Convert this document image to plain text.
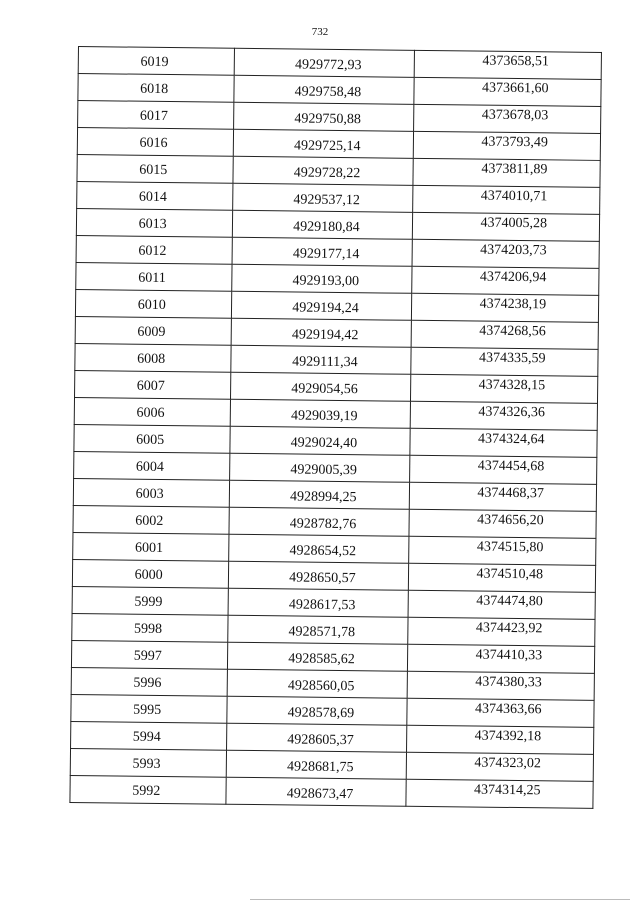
732
6019	4929772,93	4373658,51
6018	4929758,48	4373661,60
6017	4929750,88	4373678,03
6016	4929725,14	4373793,49
6015	4929728,22	4373811,89
6014	4929537,12	4374010,71
6013	4929180,84	4374005,28
6012	4929177,14	4374203,73
6011	4929193,00	4374206,94
6010	4929194,24	4374238,19
6009	4929194,42	4374268,56
6008	4929111,34	4374335,59
6007	4929054,56	4374328,15
6006	4929039,19	4374326,36
6005	4929024,40	4374324,64
6004	4929005,39	4374454,68
6003	4928994,25	4374468,37
6002	4928782,76	4374656,20
6001	4928654,52	4374515,80
6000	4928650,57	4374510,48
5999	4928617,53	4374474,80
5998	4928571,78	4374423,92
5997	4928585,62	4374410,33
5996	4928560,05	4374380,33
5995	4928578,69	4374363,66
5994	4928605,37	4374392,18
5993	4928681,75	4374323,02
5992	4928673,47	4374314,25
